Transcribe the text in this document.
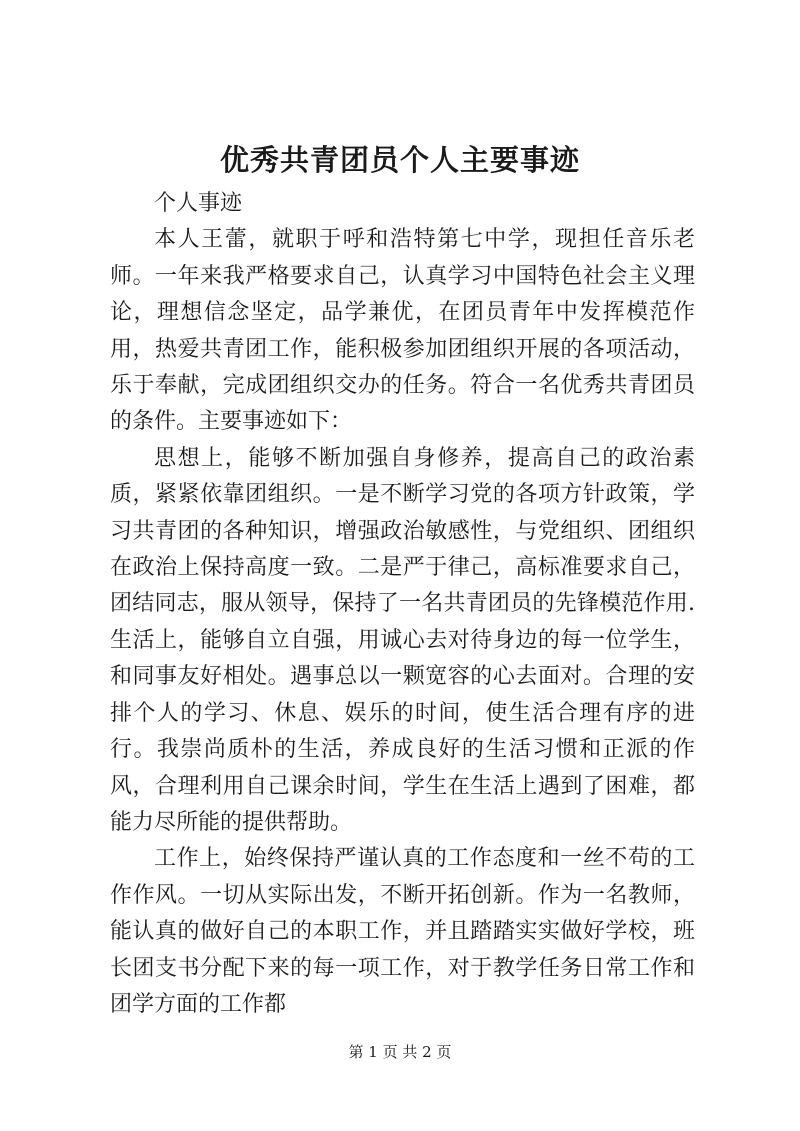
优秀共青团员个人主要事迹

个人事迹

本人王蕾，就职于呼和浩特第七中学，现担任音乐老师。一年来我严格要求自己，认真学习中国特色社会主义理论，理想信念坚定，品学兼优，在团员青年中发挥模范作用，热爱共青团工作，能积极参加团组织开展的各项活动，乐于奉献，完成团组织交办的任务。符合一名优秀共青团员的条件。主要事迹如下：

思想上，能够不断加强自身修养，提高自己的政治素质，紧紧依靠团组织。一是不断学习党的各项方针政策，学习共青团的各种知识，增强政治敏感性，与党组织、团组织在政治上保持高度一致。二是严于律己，高标准要求自己，团结同志，服从领导，保持了一名共青团员的先锋模范作用.生活上，能够自立自强，用诚心去对待身边的每一位学生，和同事友好相处。遇事总以一颗宽容的心去面对。合理的安排个人的学习、休息、娱乐的时间，使生活合理有序的进行。我崇尚质朴的生活，养成良好的生活习惯和正派的作风，合理利用自己课余时间，学生在生活上遇到了困难，都能力尽所能的提供帮助。

工作上，始终保持严谨认真的工作态度和一丝不苟的工作作风。一切从实际出发，不断开拓创新。作为一名教师，能认真的做好自己的本职工作，并且踏踏实实做好学校，班长团支书分配下来的每一项工作，对于教学任务日常工作和团学方面的工作都

第 1 页 共 2 页
